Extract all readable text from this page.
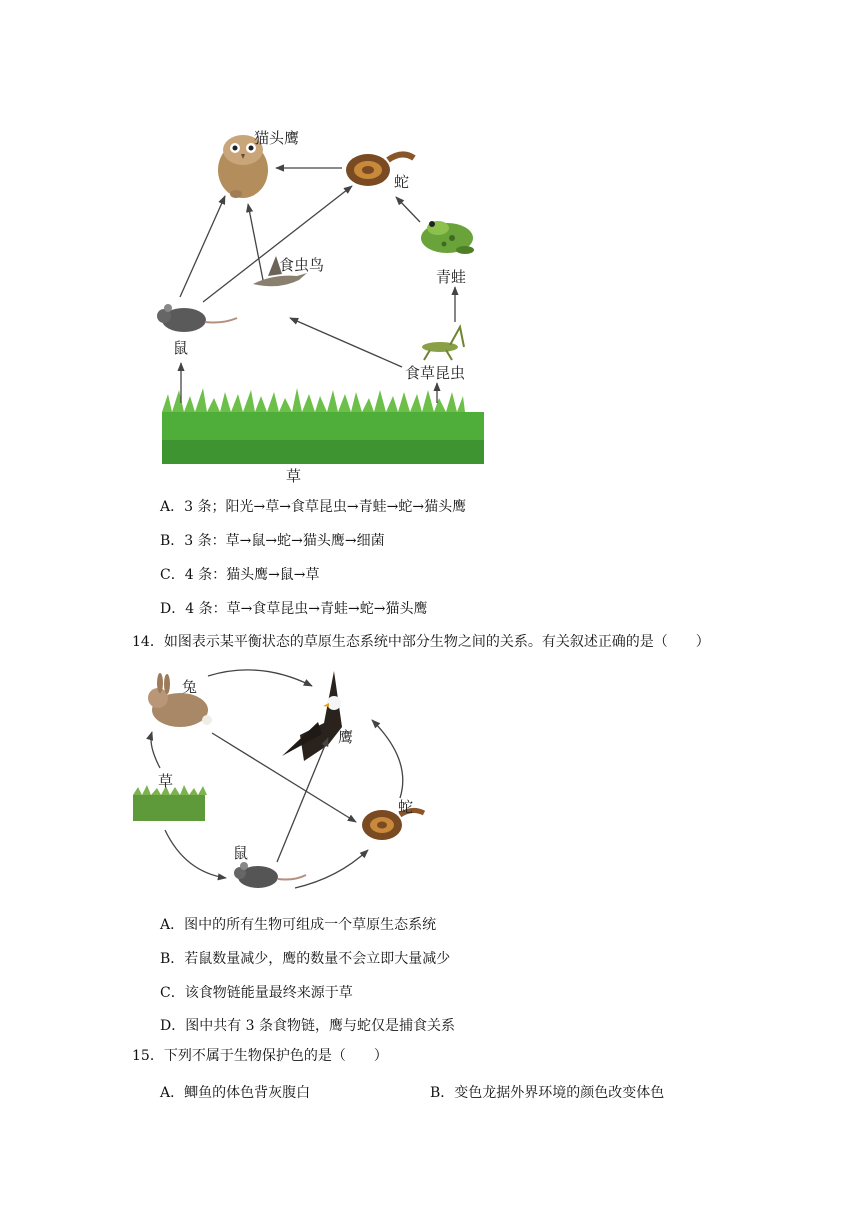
猫头鹰
蛇
食虫鸟
青蛙
鼠
食草昆虫
草
A．3 条；阳光→草→食草昆虫→青蛙→蛇→猫头鹰
B．3 条：草→鼠→蛇→猫头鹰→细菌
C．4 条：猫头鹰→鼠→草
D．4 条：草→食草昆虫→青蛙→蛇→猫头鹰
14．如图表示某平衡状态的草原生态系统中部分生物之间的关系。有关叙述正确的是（　　）
兔
鹰
草
蛇
鼠
A．图中的所有生物可组成一个草原生态系统
B．若鼠数量减少，鹰的数量不会立即大量减少
C．该食物链能量最终来源于草
D．图中共有 3 条食物链，鹰与蛇仅是捕食关系
15．下列不属于生物保护色的是（　　）
A．鲫鱼的体色背灰腹白	B．变色龙据外界环境的颜色改变体色
